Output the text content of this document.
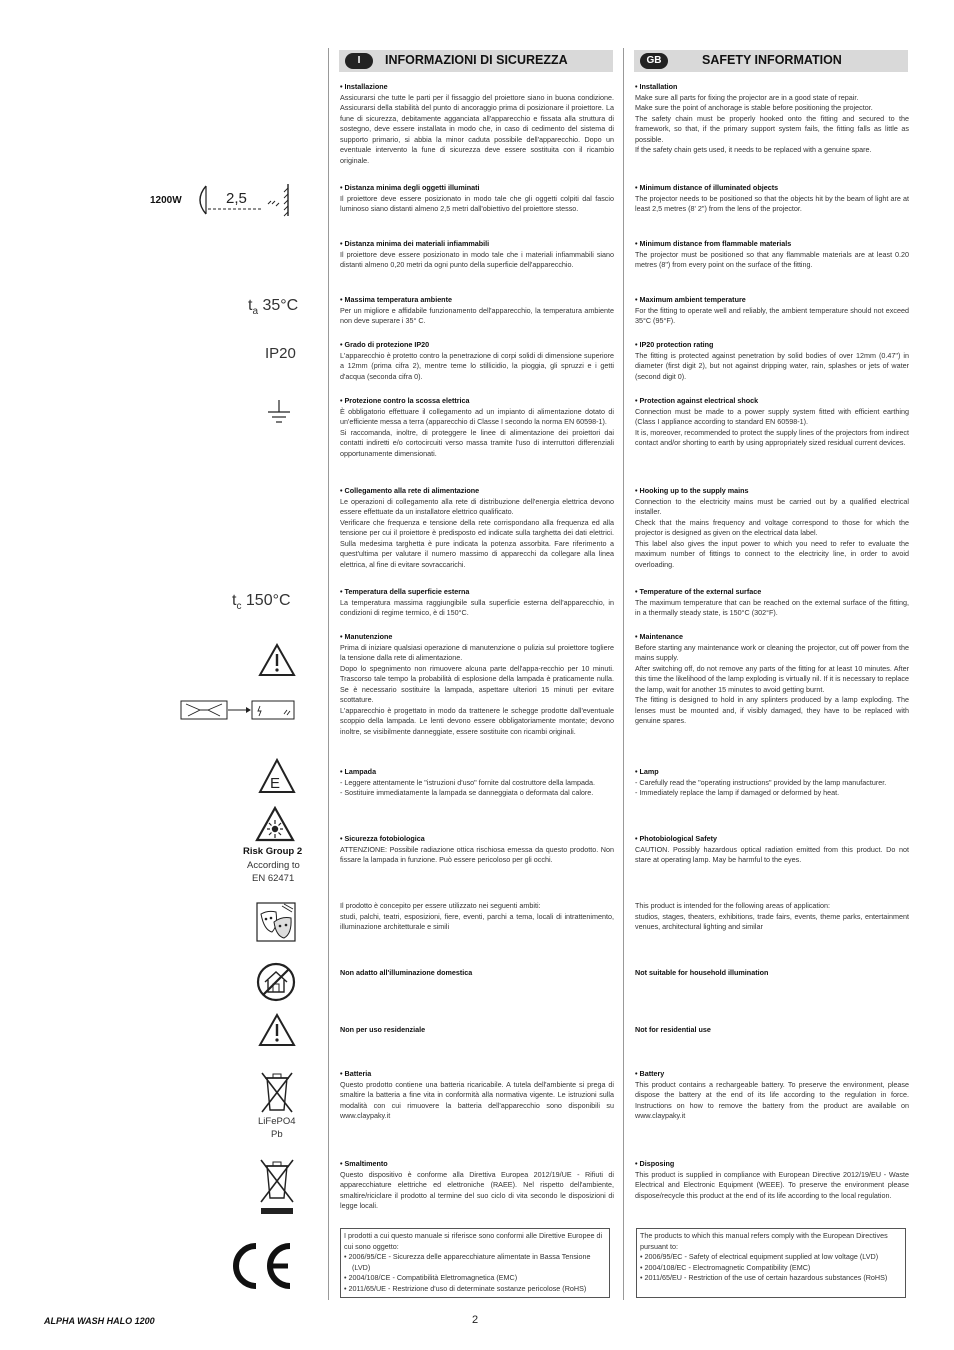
I	INFORMAZIONI DI SICUREZZA	GB	SAFETY INFORMATION
• Installazione
Assicurarsi che tutte le parti per il fissaggio del proiettore siano in buona condizione. Assicurarsi della stabilità del punto di ancoraggio prima di posizionare il proiettore. La fune di sicurezza, debitamente agganciata all'apparecchio e fissata alla struttura di sostegno, deve essere installata in modo che, in caso di cedimento del sistema di supporto primario, si abbia la minor caduta possibile dell'apparecchio. Dopo un eventuale intervento la fune di sicurezza deve essere sostituita con il ricambio originale.
• Distanza minima degli oggetti illuminati
Il proiettore deve essere posizionato in modo tale che gli oggetti colpiti dal fascio luminoso siano distanti almeno 2,5 metri dall'obiettivo del proiettore stesso.
• Distanza minima dei materiali infiammabili
Il proiettore deve essere posizionato in modo tale che i materiali infiammabili siano distanti almeno 0,20 metri da ogni punto della superficie dell'apparecchio.
• Massima temperatura ambiente
Per un migliore e affidabile funzionamento dell'apparecchio, la temperatura ambiente non deve superare i 35° C.
• Grado di protezione IP20
L'apparecchio è protetto contro la penetrazione di corpi solidi di dimensione superiore a 12mm (prima cifra 2), mentre teme lo stillicidio, la pioggia, gli spruzzi e i getti d'acqua (seconda cifra 0).
• Protezione contro la scossa elettrica
È obbligatorio effettuare il collegamento ad un impianto di alimentazione dotato di un'efficiente messa a terra (apparecchio di Classe I secondo la norma EN 60598-1).
Si raccomanda, inoltre, di proteggere le linee di alimentazione dei proiettori dai contatti indiretti e/o cortocircuiti verso massa tramite l'uso di interruttori differenziali opportunamente dimensionati.
• Collegamento alla rete di alimentazione
Le operazioni di collegamento alla rete di distribuzione dell'energia elettrica devono essere effettuate da un installatore elettrico qualificato.
Verificare che frequenza e tensione della rete corrispondano alla frequenza ed alla tensione per cui il proiettore è predisposto ed indicate sulla targhetta dei dati elettrici. Sulla medesima targhetta è pure indicata la potenza assorbita. Fare riferimento a quest'ultima per valutare il numero massimo di apparecchi da collegare alla linea elettrica, al fine di evitare sovraccarichi.
• Temperatura della superficie esterna
La temperatura massima raggiungibile sulla superficie esterna dell'apparecchio, in condizioni di regime termico, è di 150°C.
• Manutenzione
Prima di iniziare qualsiasi operazione di manutenzione o pulizia sul proiettore togliere la tensione dalla rete di alimentazione.
Dopo lo spegnimento non rimuovere alcuna parte dell'appa-recchio per 10 minuti. Trascorso tale tempo la probabilità di esplosione della lampada è praticamente nulla. Se è necessario sostituire la lampada, aspettare ulteriori 15 minuti per evitare scottature.
L'apparecchio è progettato in modo da trattenere le schegge prodotte dall'eventuale scoppio della lampada. Le lenti devono essere obbligatoriamente montate; devono inoltre, se visibilmente danneggiate, essere sostituite con ricambi originali.
• Lampada
- Leggere attentamente le "istruzioni d'uso" fornite dal costruttore della lampada.
- Sostituire immediatamente la lampada se danneggiata o deformata dal calore.
• Sicurezza fotobiologica
ATTENZIONE: Possibile radiazione ottica rischiosa emessa da questo prodotto. Non fissare la lampada in funzione. Può essere pericoloso per gli occhi.
Il prodotto è concepito per essere utilizzato nei seguenti ambiti:
studi, palchi, teatri, esposizioni, fiere, eventi, parchi a tema, locali di intrattenimento, illuminazione architetturale e simili
Non adatto all'illuminazione domestica
Non per uso residenziale
• Batteria
Questo prodotto contiene una batteria ricaricabile. A tutela dell'ambiente si prega di smaltire la batteria a fine vita in conformità alla normativa vigente. Le istruzioni sulla modalità con cui rimuovere la batteria dell'apparecchio sono disponibili su www.claypaky.it
• Smaltimento
Questo dispositivo è conforme alla Direttiva Europea 2012/19/UE - Rifiuti di apparecchiature elettriche ed elettroniche (RAEE). Nel rispetto dell'ambiente, smaltire/riciclare il prodotto al termine del suo ciclo di vita secondo le disposizioni di legge locali.
I prodotti a cui questo manuale si riferisce sono conformi alle Direttive Europee di cui sono oggetto:
• 2006/95/CE - Sicurezza delle apparecchiature alimentate in Bassa Tensione (LVD)
• 2004/108/CE - Compatibilità Elettromagnetica (EMC)
• 2011/65/UE - Restrizione d'uso di determinate sostanze pericolose (RoHS)
• Installation
Make sure all parts for fixing the projector are in a good state of repair.
Make sure the point of anchorage is stable before positioning the projector.
The safety chain must be properly hooked onto the fitting and secured to the framework, so that, if the primary support system fails, the fitting falls as little as possible.
If the safety chain gets used, it needs to be replaced with a genuine spare.
• Minimum distance of illuminated objects
The projector needs to be positioned so that the objects hit by the beam of light are at least 2,5 metres (8' 2") from the lens of the projector.
• Minimum distance from flammable materials
The projector must be positioned so that any flammable materials are at least 0.20 metres (8") from every point on the surface of the fitting.
• Maximum ambient temperature
For the fitting to operate well and reliably, the ambient temperature should not exceed 35°C (95°F).
• IP20 protection rating
The fitting is protected against penetration by solid bodies of over 12mm (0.47") in diameter (first digit 2), but not against dripping water, rain, splashes or jets of water (second digit 0).
• Protection against electrical shock
Connection must be made to a power supply system fitted with efficient earthing (Class I appliance according to standard EN 60598-1).
It is, moreover, recommended to protect the supply lines of the projectors from indirect contact and/or shorting to earth by using appropriately sized residual current devices.
• Hooking up to the supply mains
Connection to the electricity mains must be carried out by a qualified electrical installer.
Check that the mains frequency and voltage correspond to those for which the projector is designed as given on the electrical data label.
This label also gives the input power to which you need to refer to evaluate the maximum number of fittings to connect to the electricity line, in order to avoid overloading.
• Temperature of the external surface
The maximum temperature that can be reached on the external surface of the fitting, in a thermally steady state, is 150°C (302°F).
• Maintenance
Before starting any maintenance work or cleaning the projector, cut off power from the mains supply.
After switching off, do not remove any parts of the fitting for at least 10 minutes. After this time the likelihood of the lamp exploding is virtually nil. If it is necessary to replace the lamp, wait for another 15 minutes to avoid getting burnt.
The fitting is designed to hold in any splinters produced by a lamp exploding. The lenses must be mounted and, if visibly damaged, they have to be replaced with genuine spares.
• Lamp
- Carefully read the "operating instructions" provided by the lamp manufacturer.
- Immediately replace the lamp if damaged or deformed by heat.
• Photobiological Safety
CAUTION. Possibly hazardous optical radiation emitted from this product. Do not stare at operating lamp. May be harmful to the eyes.
This product is intended for the following areas of application:
studios, stages, theaters, exhibitions, trade fairs, events, theme parks, entertainment venues, architectural lighting and similar
Not suitable for household illumination
Not for residential use
• Battery
This product contains a rechargeable battery. To preserve the environment, please dispose the battery at the end of its life according to the regulation in force. Instructions on how to remove the battery from the product are available on www.claypaky.it
• Disposing
This product is supplied in compliance with European Directive 2012/19/EU - Waste Electrical and Electronic Equipment (WEEE). To preserve the environment please dispose/recycle this product at the end of its life according to the local regulation.
The products to which this manual refers comply with the European Directives pursuant to:
• 2006/95/EC - Safety of electrical equipment supplied at low voltage (LVD)
• 2004/108/EC - Electromagnetic Compatibility (EMC)
• 2011/65/EU - Restriction of the use of certain hazardous substances (RoHS)
1200W	2,5
$t_a$ 35°C
IP20
$t_c$ 150°C
E
Risk Group 2
According to
EN 62471
LiFePO4
Pb
ALPHA WASH HALO 1200	2
